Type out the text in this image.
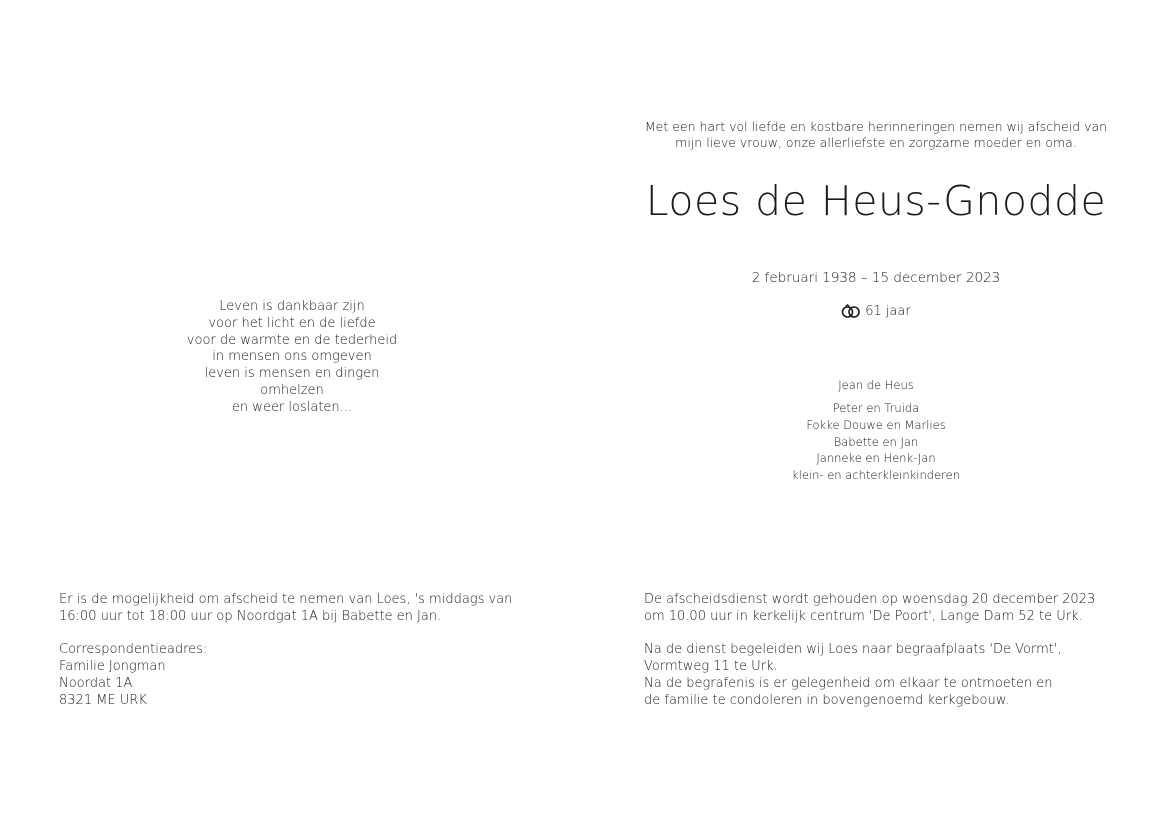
Leven is dankbaar zijn
voor het licht en de liefde
voor de warmte en de tederheid
in mensen ons omgeven
leven is mensen en dingen
omhelzen
en weer loslaten...
Met een hart vol liefde en kostbare herinneringen nemen wij afscheid van
mijn lieve vrouw, onze allerliefste en zorgzame moeder en oma.
Loes de Heus-Gnodde
2 februari 1938 – 15 december 2023
61 jaar
Jean de Heus
Peter en Truida
Fokke Douwe en Marlies
Babette en Jan
Janneke en Henk-Jan
klein- en achterkleinkinderen
Er is de mogelijkheid om afscheid te nemen van Loes, 's middags van
16:00 uur tot 18:00 uur op Noordgat 1A bij Babette en Jan.
Correspondentieadres:
Familie Jongman
Noordat 1A
8321 ME URK
De afscheidsdienst wordt gehouden op woensdag 20 december 2023
om 10.00 uur in kerkelijk centrum 'De Poort', Lange Dam 52 te Urk.
Na de dienst begeleiden wij Loes naar begraafplaats 'De Vormt',
Vormtweg 11 te Urk.
Na de begrafenis is er gelegenheid om elkaar te ontmoeten en
de familie te condoleren in bovengenoemd kerkgebouw.
